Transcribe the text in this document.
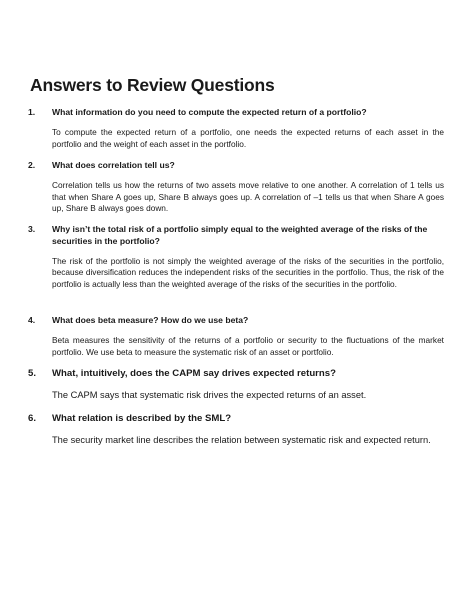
Answers to Review Questions
1.	What information do you need to compute the expected return of a portfolio?
To compute the expected return of a portfolio, one needs the expected returns of each asset in the portfolio and the weight of each asset in the portfolio.
2.	What does correlation tell us?
Correlation tells us how the returns of two assets move relative to one another. A correlation of 1 tells us that when Share A goes up, Share B always goes up. A correlation of –1 tells us that when Share A goes up, Share B always goes down.
3.	Why isn’t the total risk of a portfolio simply equal to the weighted average of the risks of the securities in the portfolio?
The risk of the portfolio is not simply the weighted average of the risks of the securities in the portfolio, because diversification reduces the independent risks of the securities in the portfolio. Thus, the risk of the portfolio is actually less than the weighted average of the risks of the securities in the portfolio.
4.	What does beta measure? How do we use beta?
Beta measures the sensitivity of the returns of a portfolio or security to the fluctuations of the market portfolio. We use beta to measure the systematic risk of an asset or portfolio.
5.	What, intuitively, does the CAPM say drives expected returns?
The CAPM says that systematic risk drives the expected returns of an asset.
6.	What relation is described by the SML?
The security market line describes the relation between systematic risk and expected return.
